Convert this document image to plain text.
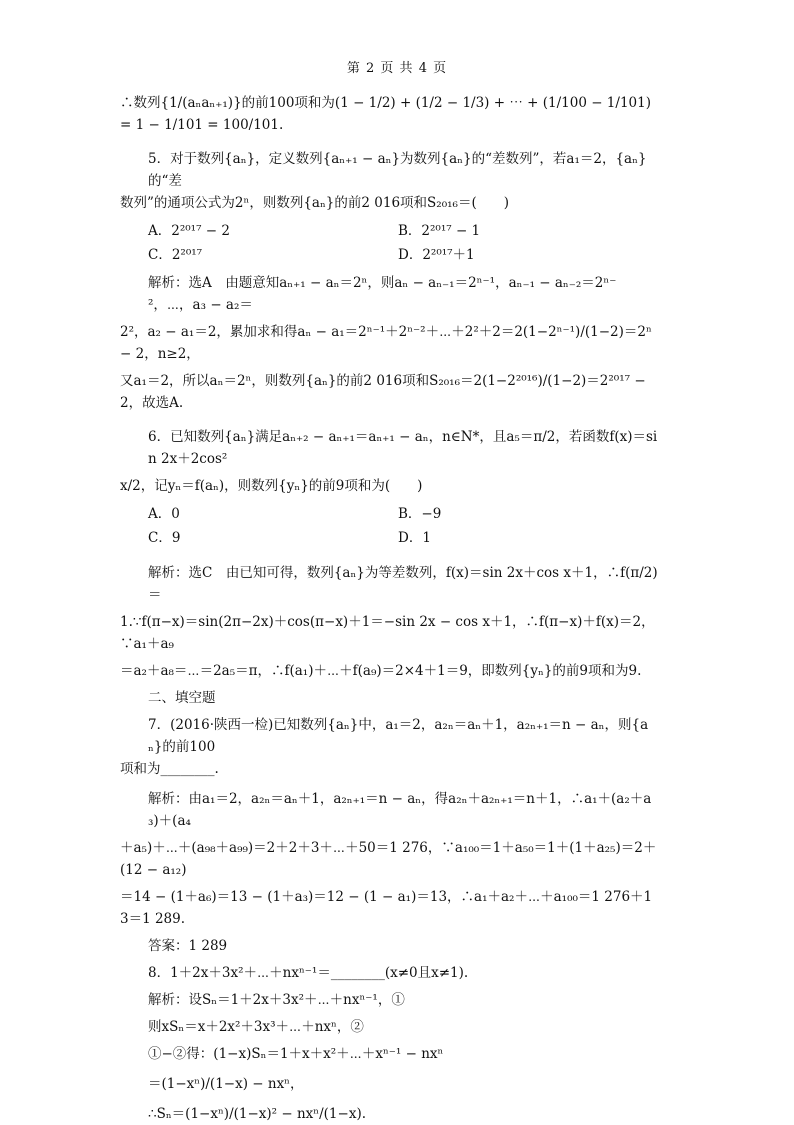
第 2 页 共 4 页

∴数列{1/(aₙaₙ₊₁)}的前100项和为(1 − 1/2) + (1/2 − 1/3) + ⋯ + (1/100 − 1/101) = 1 − 1/101 = 100/101.

5．对于数列{aₙ}，定义数列{aₙ₊₁ − aₙ}为数列{aₙ}的“差数列”，若a₁＝2，{aₙ}的“差

数列”的通项公式为2ⁿ，则数列{aₙ}的前2 016项和S₂₀₁₆＝(　　)

A．2²⁰¹⁷ − 2	B．2²⁰¹⁷ − 1
C．2²⁰¹⁷	D．2²⁰¹⁷＋1

解析：选A　由题意知aₙ₊₁ − aₙ＝2ⁿ，则aₙ − aₙ₋₁＝2ⁿ⁻¹，aₙ₋₁ − aₙ₋₂＝2ⁿ⁻²，⋯，a₃ − a₂＝

2²，a₂ − a₁＝2，累加求和得aₙ − a₁＝2ⁿ⁻¹＋2ⁿ⁻²＋⋯＋2²＋2＝2(1−2ⁿ⁻¹)/(1−2)＝2ⁿ − 2，n≥2，

又a₁＝2，所以aₙ＝2ⁿ，则数列{aₙ}的前2 016项和S₂₀₁₆＝2(1−2²⁰¹⁶)/(1−2)＝2²⁰¹⁷ − 2，故选A.

6．已知数列{aₙ}满足aₙ₊₂ − aₙ₊₁＝aₙ₊₁ − aₙ，n∈N*，且a₅＝π/2，若函数f(x)＝sin 2x＋2cos²

x/2，记yₙ＝f(aₙ)，则数列{yₙ}的前9项和为(　　)

A．0	B．−9
C．9	D．1

解析：选C　由已知可得，数列{aₙ}为等差数列，f(x)＝sin 2x＋cos x＋1，∴f(π/2)＝

1.∵f(π−x)＝sin(2π−2x)＋cos(π−x)＋1＝−sin 2x − cos x＋1，∴f(π−x)＋f(x)＝2，∵a₁＋a₉

＝a₂＋a₈＝⋯＝2a₅＝π，∴f(a₁)＋⋯＋f(a₉)＝2×4＋1＝9，即数列{yₙ}的前9项和为9.

二、填空题

7．(2016·陕西一检)已知数列{aₙ}中，a₁＝2，a₂ₙ＝aₙ＋1，a₂ₙ₊₁＝n − aₙ，则{aₙ}的前100

项和为________.

解析：由a₁＝2，a₂ₙ＝aₙ＋1，a₂ₙ₊₁＝n − aₙ，得a₂ₙ＋a₂ₙ₊₁＝n＋1，∴a₁＋(a₂＋a₃)＋(a₄

＋a₅)＋⋯＋(a₉₈＋a₉₉)＝2＋2＋3＋⋯＋50＝1 276，∵a₁₀₀＝1＋a₅₀＝1＋(1＋a₂₅)＝2＋(12 − a₁₂)

＝14 − (1＋a₆)＝13 − (1＋a₃)＝12 − (1 − a₁)＝13，∴a₁＋a₂＋⋯＋a₁₀₀＝1 276＋13＝1 289.

答案：1 289

8．1＋2x＋3x²＋⋯＋nxⁿ⁻¹＝________(x≠0且x≠1).

解析：设Sₙ＝1＋2x＋3x²＋⋯＋nxⁿ⁻¹，①

则xSₙ＝x＋2x²＋3x³＋⋯＋nxⁿ，②

①−②得：(1−x)Sₙ＝1＋x＋x²＋⋯＋xⁿ⁻¹ − nxⁿ

＝(1−xⁿ)/(1−x) − nxⁿ，

∴Sₙ＝(1−xⁿ)/(1−x)² − nxⁿ/(1−x).
